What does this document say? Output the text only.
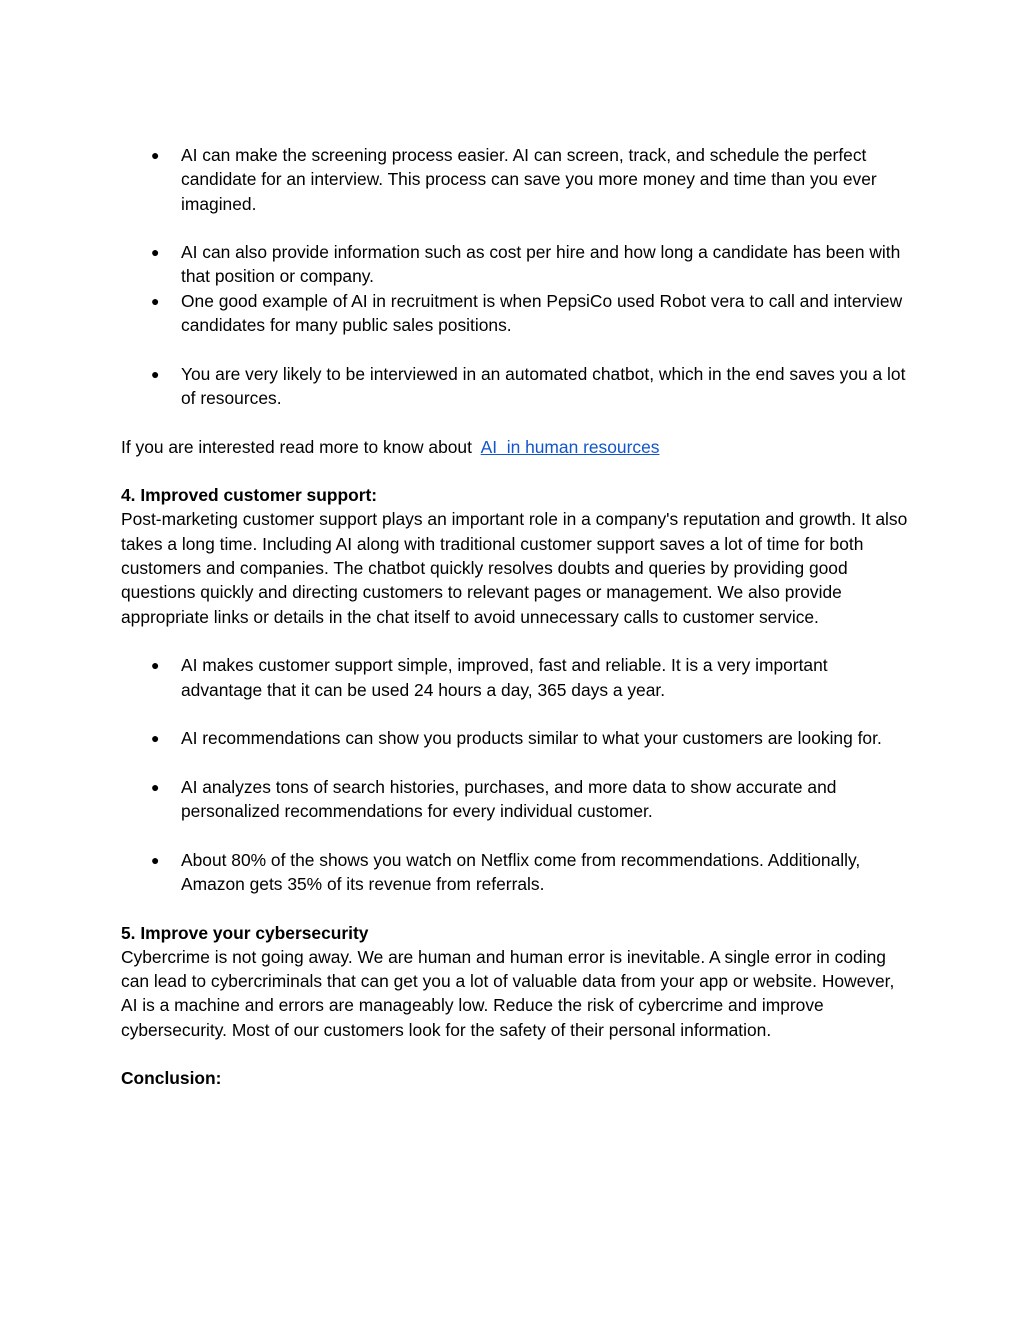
● AI can make the screening process easier. AI can screen, track, and schedule the perfect candidate for an interview. This process can save you more money and time than you ever imagined.
● AI can also provide information such as cost per hire and how long a candidate has been with that position or company.
● One good example of AI in recruitment is when PepsiCo used Robot vera to call and interview candidates for many public sales positions.
● You are very likely to be interviewed in an automated chatbot, which in the end saves you a lot of resources.

If you are interested read more to know about  AI  in human resources

4. Improved customer support:

Post-marketing customer support plays an important role in a company's reputation and growth. It also takes a long time. Including AI along with traditional customer support saves a lot of time for both customers and companies. The chatbot quickly resolves doubts and queries by providing good questions quickly and directing customers to relevant pages or management. We also provide appropriate links or details in the chat itself to avoid unnecessary calls to customer service.

● AI makes customer support simple, improved, fast and reliable. It is a very important advantage that it can be used 24 hours a day, 365 days a year.
● AI recommendations can show you products similar to what your customers are looking for.
● AI analyzes tons of search histories, purchases, and more data to show accurate and personalized recommendations for every individual customer.
● About 80% of the shows you watch on Netflix come from recommendations. Additionally, Amazon gets 35% of its revenue from referrals.

5. Improve your cybersecurity

Cybercrime is not going away. We are human and human error is inevitable. A single error in coding can lead to cybercriminals that can get you a lot of valuable data from your app or website. However, AI is a machine and errors are manageably low. Reduce the risk of cybercrime and improve cybersecurity. Most of our customers look for the safety of their personal information.

Conclusion:
